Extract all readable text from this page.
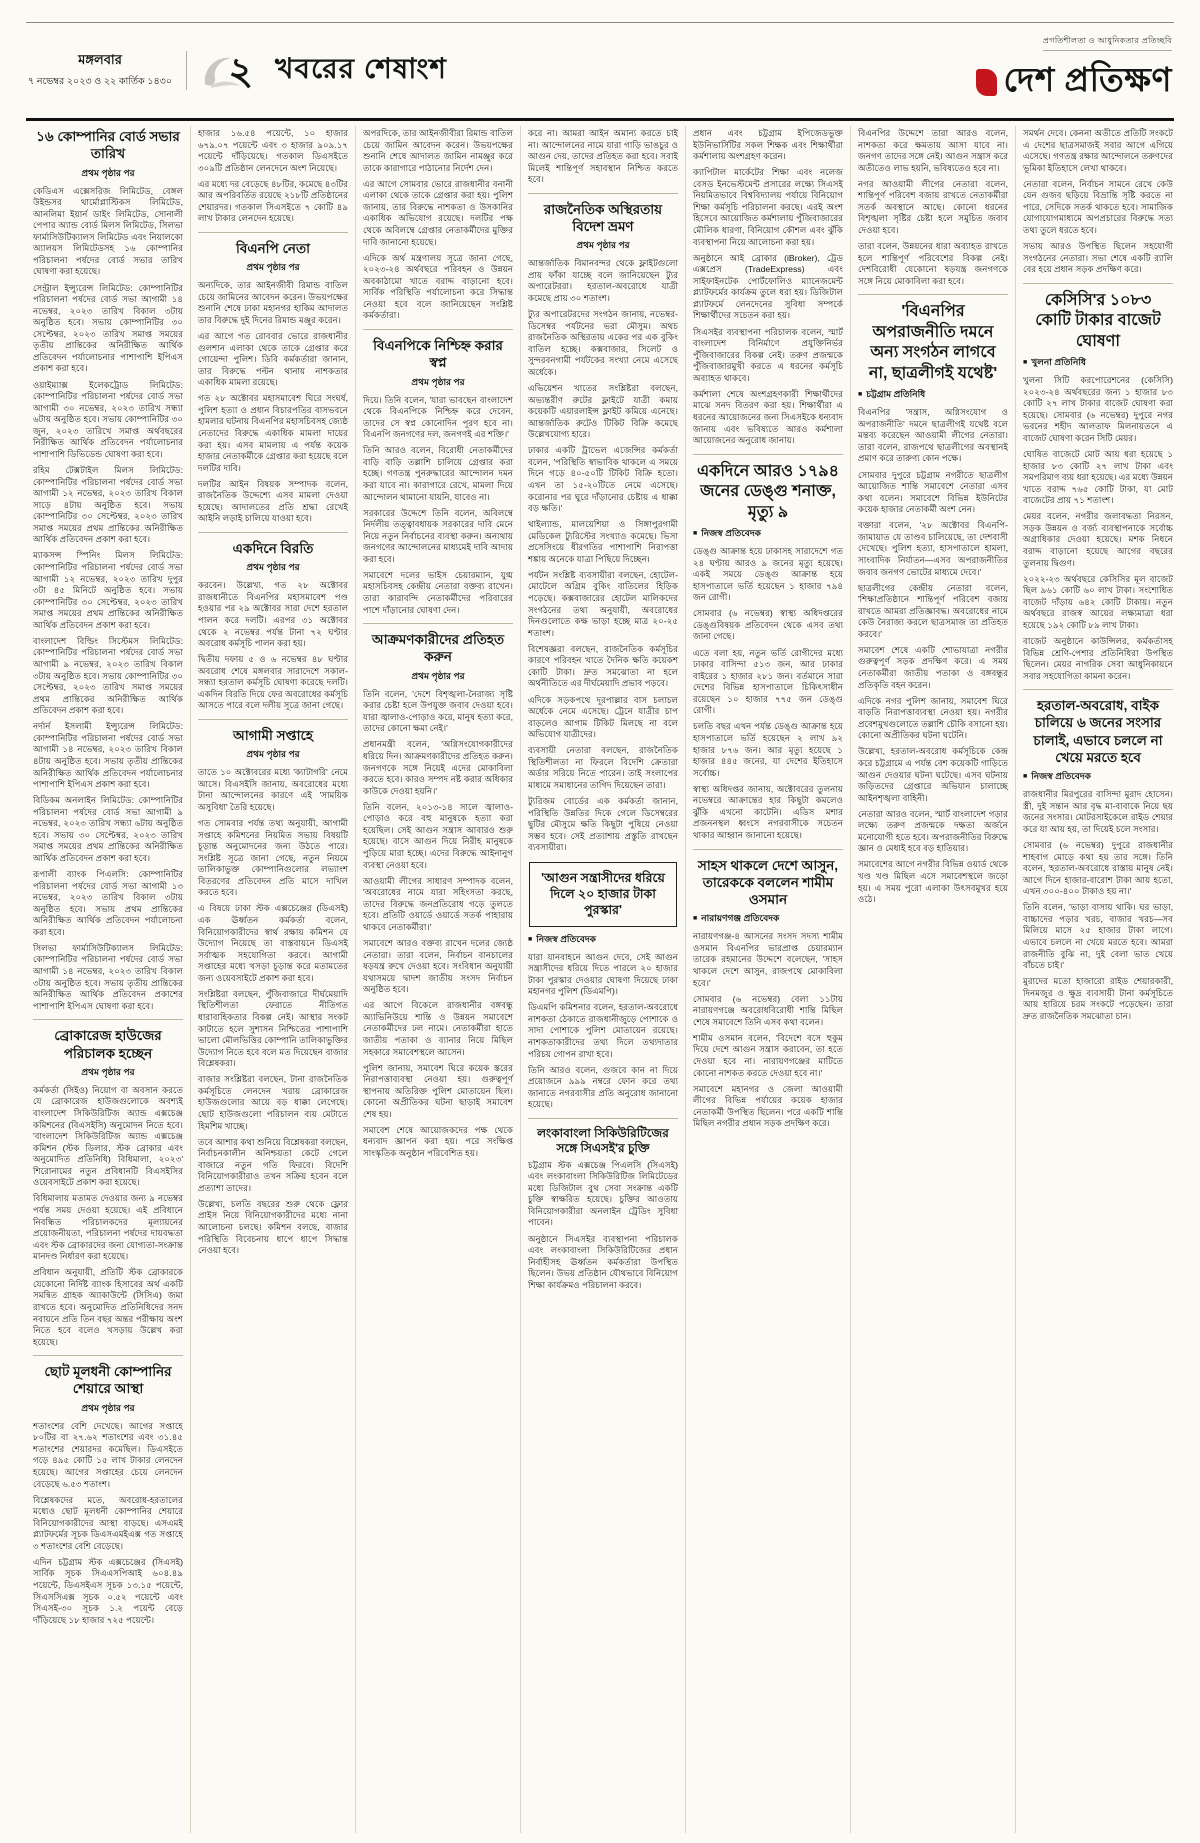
মঙ্গলবার
৭ নভেম্বর ২০২৩ ও ২২ কার্তিক ১৪৩০ ২ খবরের শেষাংশ
প্রগতিশীলতা ও আধুনিকতার প্রতিচ্ছবি
দেশ প্রতিক্ষণ
১৬ কোম্পানির বোর্ড সভার তারিখ
প্রথম পৃষ্ঠার পর

কেডিএস এক্সেসরিজ লিমিটেড, বেঙ্গল উইন্ডসর থার্মোপ্লাস্টিকস লিমিটেড, আনলিমা ইয়ার্ন ডাইং লিমিটেড, সোনালী পেপার অ্যান্ড বোর্ড মিলস লিমিটেড, সিলভা ফার্মাসিউটিক্যালস লিমিটেড এবং নিয়ালকো অ্যালয়স লিমিটেডসহ ১৬ কোম্পানির পরিচালনা পর্ষদের বোর্ড সভার তারিখ ঘোষণা করা হয়েছে।

সেন্ট্রাল ইন্স্যুরেন্স লিমিটেড: কোম্পানিটির পরিচালনা পর্ষদের বোর্ড সভা আগামী ১৪ নভেম্বর, ২০২৩ তারিখ বিকাল ৩টায় অনুষ্ঠিত হবে। সভায় কোম্পানিটির ৩০ সেপ্টেম্বর, ২০২৩ তারিখ সমাপ্ত সময়ের তৃতীয় প্রান্তিকের অনিরীক্ষিত আর্থিক প্রতিবেদন পর্যালোচনার পাশাপাশি ইপিএস প্রকাশ করা হবে।

ওয়াইম্যাক্স ইলেকট্রোড লিমিটেড: কোম্পানিটির পরিচালনা পর্ষদের বোর্ড সভা আগামী ৩০ নভেম্বর, ২০২৩ তারিখ সন্ধ্যা ৬টায় অনুষ্ঠিত হবে। সভায় কোম্পানিটির ৩০ জুন, ২০২৩ তারিখে সমাপ্ত অর্থবছরের নিরীক্ষিত আর্থিক প্রতিবেদন পর্যালোচনার পাশাপাশি ডিভিডেন্ড ঘোষণা করা হবে।

রহিম টেক্সটাইল মিলস লিমিটেড: কোম্পানিটির পরিচালনা পর্ষদের বোর্ড সভা আগামী ১২ নভেম্বর, ২০২৩ তারিখ বিকাল সাড়ে ৪টায় অনুষ্ঠিত হবে। সভায় কোম্পানিটির ৩০ সেপ্টেম্বর, ২০২৩ তারিখ সমাপ্ত সময়ের প্রথম প্রান্তিকের অনিরীক্ষিত আর্থিক প্রতিবেদন প্রকাশ করা হবে।

ম্যাকসন্স স্পিনিং মিলস লিমিটেড: কোম্পানিটির পরিচালনা পর্ষদের বোর্ড সভা আগামী ১২ নভেম্বর, ২০২৩ তারিখ দুপুর ৩টা ৪৫ মিনিটে অনুষ্ঠিত হবে। সভায় কোম্পানিটির ৩০ সেপ্টেম্বর, ২০২৩ তারিখ সমাপ্ত সময়ের প্রথম প্রান্তিকের অনিরীক্ষিত আর্থিক প্রতিবেদন প্রকাশ করা হবে।

বাংলাদেশ বিল্ডিং সিস্টেমস লিমিটেড: কোম্পানিটির পরিচালনা পর্ষদের বোর্ড সভা আগামী ৯ নভেম্বর, ২০২৩ তারিখ বিকাল ৩টায় অনুষ্ঠিত হবে। সভায় কোম্পানিটির ৩০ সেপ্টেম্বর, ২০২৩ তারিখ সমাপ্ত সময়ের প্রথম প্রান্তিকের অনিরীক্ষিত আর্থিক প্রতিবেদন প্রকাশ করা হবে।

নর্দার্ন ইসলামী ইন্স্যুরেন্স লিমিটেড: কোম্পানিটির পরিচালনা পর্ষদের বোর্ড সভা আগামী ১৪ নভেম্বর, ২০২৩ তারিখ বিকাল ৪টায় অনুষ্ঠিত হবে। সভায় তৃতীয় প্রান্তিকের অনিরীক্ষিত আর্থিক প্রতিবেদন পর্যালোচনার পাশাপাশি ইপিএস প্রকাশ করা হবে।

বিডিকম অনলাইন লিমিটেড: কোম্পানিটির পরিচালনা পর্ষদের বোর্ড সভা আগামী ৯ নভেম্বর, ২০২৩ তারিখ সন্ধ্যা ৬টায় অনুষ্ঠিত হবে। সভায় ৩০ সেপ্টেম্বর, ২০২৩ তারিখ সমাপ্ত সময়ের প্রথম প্রান্তিকের অনিরীক্ষিত আর্থিক প্রতিবেদন প্রকাশ করা হবে।

রূপালী ব্যাংক পিএলসি: কোম্পানিটির পরিচালনা পর্ষদের বোর্ড সভা আগামী ১৩ নভেম্বর, ২০২৩ তারিখ বিকাল ৩টায় অনুষ্ঠিত হবে। সভায় প্রথম প্রান্তিকের অনিরীক্ষিত আর্থিক প্রতিবেদন পর্যালোচনা করা হবে।

সিলভা ফার্মাসিউটিক্যালস লিমিটেড: কোম্পানিটির পরিচালনা পর্ষদের বোর্ড সভা আগামী ১৪ নভেম্বর, ২০২৩ তারিখ বিকাল ৩টায় অনুষ্ঠিত হবে। সভায় তৃতীয় প্রান্তিকের অনিরীক্ষিত আর্থিক প্রতিবেদন প্রকাশের পাশাপাশি ইপিএস ঘোষণা করা হবে।

ব্রোকারেজ হাউজের পরিচালক হচ্ছেন
প্রথম পৃষ্ঠার পর

কর্মকর্তা (সিইও) নিয়োগ বা অবসান করতে যে ব্রোকারেজ হাউজগুলোকে অবশ্যই বাংলাদেশ সিকিউরিটিজ অ্যান্ড এক্সচেঞ্জ কমিশনের (বিএসইসি) অনুমোদন নিতে হবে। 'বাংলাদেশ সিকিউরিটিজ অ্যান্ড এক্সচেঞ্জ কমিশন (স্টক ডিলার, স্টক ব্রোকার এবং অনুমোদিত প্রতিনিধি) বিধিমালা, ২০২৩' শিরোনামের নতুন প্রবিধানটি বিএসইসির ওয়েবসাইটে প্রকাশ করা হয়েছে।

বিধিমালায় মতামত দেওয়ার জন্য ৯ নভেম্বর পর্যন্ত সময় দেওয়া হয়েছে। এই প্রবিধানে নিবন্ধিত পরিচালকদের মূল্যায়নের প্রয়োজনীয়তা, পরিচালনা পর্ষদের দায়বদ্ধতা এবং স্টক ব্রোকারদের জন্য যোগ্যতা-সংক্রান্ত মানদণ্ড নির্ধারণ করা হয়েছে।

প্রবিধান অনুযায়ী, প্রতিটি স্টক ব্রোকারকে যেকোনো নির্দিষ্ট ব্যাংক হিসাবের অর্থ একটি সমন্বিত গ্রাহক অ্যাকাউন্টে (সিসিএ) জমা রাখতে হবে। অনুমোদিত প্রতিনিধিদের সনদ নবায়নে প্রতি তিন বছর অন্তর পরীক্ষায় অংশ নিতে হবে বলেও খসড়ায় উল্লেখ করা হয়েছে।

ছোট মূলধনী কোম্পানির শেয়ারে আস্থা
প্রথম পৃষ্ঠার পর

শতাংশের বেশি দেখেছে। আগের সপ্তাহে ৮০টির বা ২৭.৬২ শতাংশের এবং ৩১.৪৫ শতাংশের শেয়ারদর কমেছিল। ডিএসইতে গড়ে ৪৯৫ কোটি ১৫ লাখ টাকার লেনদেন হয়েছে। আগের সপ্তাহের চেয়ে লেনদেন বেড়েছে ৬.৫৩ শতাংশ।

বিশ্লেষকদের মতে, অবরোধ-হরতালের মধ্যেও ছোট মূলধনী কোম্পানির শেয়ারে বিনিয়োগকারীদের আস্থা বাড়ছে। এসএমই প্ল্যাটফর্মের সূচক ডিএসএমইএক্স গত সপ্তাহে ৩ শতাংশের বেশি বেড়েছে।

এদিন চট্টগ্রাম স্টক এক্সচেঞ্জের (সিএসই) সার্বিক সূচক সিএএসপিআই ৬০৪.৪৯ পয়েন্টে, ডিএসইএস সূচক ১৩.১৫ পয়েন্টে, সিএসসিএক্স সূচক ০.৫২ পয়েন্টে এবং সিএসই-৩০ সূচক ১.২ পয়েন্ট বেড়ে দাঁড়িয়েছে ১৮ হাজার ৭২৫ পয়েন্টে।

হাজার ১৬.৫৪ পয়েন্টে, ১০ হাজার ৬৭৯.০৭ পয়েন্টে এবং ৩ হাজার ৯০৯.১৭ পয়েন্টে দাঁড়িয়েছে। গতকাল ডিএসইতে ৩০৯টি প্রতিষ্ঠান লেনদেনে অংশ নিয়েছে।

এর মধ্যে দর বেড়েছে ৪৮টির, কমেছে ৪৩টির আর অপরিবর্তিত রয়েছে ২১৮টি প্রতিষ্ঠানের শেয়ারদর। গতকাল সিএসইতে ৭ কোটি ৪৯ লাখ টাকার লেনদেন হয়েছে।

বিএনপি নেতা
প্রথম পৃষ্ঠার পর

অন্যদিকে, তার আইনজীবী রিমান্ড বাতিল চেয়ে জামিনের আবেদন করেন। উভয়পক্ষের শুনানি শেষে ঢাকা মহানগর হাকিম আদালত তার বিরুদ্ধে দুই দিনের রিমান্ড মঞ্জুর করেন।

এর আগে গত রোববার ভোরে রাজধানীর গুলশান এলাকা থেকে তাকে গ্রেপ্তার করে গোয়েন্দা পুলিশ। ডিবি কর্মকর্তারা জানান, তার বিরুদ্ধে পল্টন থানায় নাশকতার একাধিক মামলা রয়েছে।

গত ২৮ অক্টোবর মহাসমাবেশ ঘিরে সংঘর্ষ, পুলিশ হত্যা ও প্রধান বিচারপতির বাসভবনে হামলার ঘটনায় বিএনপির মহাসচিবসহ জ্যেষ্ঠ নেতাদের বিরুদ্ধে একাধিক মামলা দায়ের করা হয়। এসব মামলায় এ পর্যন্ত কয়েক হাজার নেতাকর্মীকে গ্রেপ্তার করা হয়েছে বলে দলটির দাবি।

দলটির আইন বিষয়ক সম্পাদক বলেন, রাজনৈতিক উদ্দেশ্যে এসব মামলা দেওয়া হয়েছে। আদালতের প্রতি শ্রদ্ধা রেখেই আইনি লড়াই চালিয়ে যাওয়া হবে।

একদিনে বিরতি
প্রথম পৃষ্ঠার পর

করবেন। উল্লেখ্য, গত ২৮ অক্টোবর রাজধানীতে বিএনপির মহাসমাবেশ পণ্ড হওয়ার পর ২৯ অক্টোবর সারা দেশে হরতাল পালন করে দলটি। এরপর ৩১ অক্টোবর থেকে ২ নভেম্বর পর্যন্ত টানা ৭২ ঘণ্টার অবরোধ কর্মসূচি পালন করা হয়।

দ্বিতীয় দফায় ৫ ও ৬ নভেম্বর ৪৮ ঘণ্টার অবরোধ শেষে মঙ্গলবার সারাদেশে সকাল-সন্ধ্যা হরতাল কর্মসূচি ঘোষণা করেছে দলটি। একদিন বিরতি দিয়ে ফের অবরোধের কর্মসূচি আসতে পারে বলে দলীয় সূত্রে জানা গেছে।

আগামী সপ্তাহে
প্রথম পৃষ্ঠার পর

তাতে ১০ অক্টোবরের মধ্যে 'ক্যাটাগরি' নেমে আসে। বিএসইসি জানায়, অবরোধের মধ্যে টানা আন্দোলনের কারণে এই 'সাময়িক অসুবিধা' তৈরি হয়েছে।

গত সোমবার পর্যন্ত তথ্য অনুযায়ী, আগামী সপ্তাহে কমিশনের নিয়মিত সভায় বিষয়টি চূড়ান্ত অনুমোদনের জন্য উঠতে পারে। সংশ্লিষ্ট সূত্রে জানা গেছে, নতুন নিয়মে তালিকাভুক্ত কোম্পানিগুলোর লভ্যাংশ বিতরণের প্রতিবেদন প্রতি মাসে দাখিল করতে হবে।

এ বিষয়ে ঢাকা স্টক এক্সচেঞ্জের (ডিএসই) এক ঊর্ধ্বতন কর্মকর্তা বলেন, বিনিয়োগকারীদের স্বার্থ রক্ষায় কমিশন যে উদ্যোগ নিয়েছে তা বাস্তবায়নে ডিএসই সর্বাত্মক সহযোগিতা করবে। আগামী সপ্তাহের মধ্যে খসড়া চূড়ান্ত করে মতামতের জন্য ওয়েবসাইটে প্রকাশ করা হবে।

সংশ্লিষ্টরা বলছেন, পুঁজিবাজারে দীর্ঘমেয়াদি স্থিতিশীলতা ফেরাতে নীতিগত ধারাবাহিকতার বিকল্প নেই। আস্থার সংকট কাটাতে হলে সুশাসন নিশ্চিতের পাশাপাশি ভালো মৌলভিত্তির কোম্পানি তালিকাভুক্তির উদ্যোগ নিতে হবে বলে মত দিয়েছেন বাজার বিশ্লেষকরা।

বাজার সংশ্লিষ্টরা বলছেন, টানা রাজনৈতিক কর্মসূচিতে লেনদেন খরায় ব্রোকারেজ হাউজগুলোর আয়ে বড় ধাক্কা লেগেছে। ছোট হাউজগুলো পরিচালন ব্যয় মেটাতে হিমশিম খাচ্ছে।

তবে আশার কথা শুনিয়ে বিশ্লেষকরা বলছেন, নির্বাচনকালীন অনিশ্চয়তা কেটে গেলে বাজারে নতুন গতি ফিরবে। বিদেশি বিনিয়োগকারীরাও তখন সক্রিয় হবেন বলে প্রত্যাশা তাদের।

উল্লেখ্য, চলতি বছরের শুরু থেকে ফ্লোর প্রাইস নিয়ে বিনিয়োগকারীদের মধ্যে নানা আলোচনা চলছে। কমিশন বলছে, বাজার পরিস্থিতি বিবেচনায় ধাপে ধাপে সিদ্ধান্ত নেওয়া হবে।

অপরদিকে, তার আইনজীবীরা রিমান্ড বাতিল চেয়ে জামিন আবেদন করেন। উভয়পক্ষের শুনানি শেষে আদালত জামিন নামঞ্জুর করে তাকে কারাগারে পাঠানোর নির্দেশ দেন।

এর আগে সোমবার ভোরে রাজধানীর বনানী এলাকা থেকে তাকে গ্রেপ্তার করা হয়। পুলিশ জানায়, তার বিরুদ্ধে নাশকতা ও উসকানির একাধিক অভিযোগ রয়েছে। দলটির পক্ষ থেকে অবিলম্বে গ্রেপ্তার নেতাকর্মীদের মুক্তির দাবি জানানো হয়েছে।

এদিকে অর্থ মন্ত্রণালয় সূত্রে জানা গেছে, ২০২৩-২৪ অর্থবছরে পরিবহন ও উন্নয়ন অবকাঠামো খাতে বরাদ্দ বাড়ানো হবে। সার্বিক পরিস্থিতি পর্যালোচনা করে সিদ্ধান্ত নেওয়া হবে বলে জানিয়েছেন সংশ্লিষ্ট কর্মকর্তারা।

বিএনপিকে নিশ্চিহ্ন করার স্বপ্ন
প্রথম পৃষ্ঠার পর

দিয়ে। তিনি বলেন, 'যারা ভাবছেন বাংলাদেশ থেকে বিএনপিকে নিশ্চিহ্ন করে দেবেন, তাদের সে স্বপ্ন কোনোদিন পূরণ হবে না। বিএনপি জনগণের দল, জনগণই এর শক্তি।'

তিনি আরও বলেন, বিরোধী নেতাকর্মীদের বাড়ি বাড়ি তল্লাশি চালিয়ে গ্রেপ্তার করা হচ্ছে। গণতন্ত্র পুনরুদ্ধারের আন্দোলন দমন করা যাবে না। কারাগারে রেখে, মামলা দিয়ে আন্দোলন থামানো যায়নি, যাবেও না।

সরকারের উদ্দেশে তিনি বলেন, অবিলম্বে নির্দলীয় তত্ত্বাবধায়ক সরকারের দাবি মেনে নিয়ে নতুন নির্বাচনের ব্যবস্থা করুন। অন্যথায় জনগণের আন্দোলনের মাধ্যমেই দাবি আদায় করা হবে।

সমাবেশে দলের ভাইস চেয়ারম্যান, যুগ্ম মহাসচিবসহ কেন্দ্রীয় নেতারা বক্তব্য রাখেন। তারা কারাবন্দি নেতাকর্মীদের পরিবারের পাশে দাঁড়ানোর ঘোষণা দেন।

আক্রমণকারীদের প্রতিহত করুন
প্রথম পৃষ্ঠার পর

তিনি বলেন, 'দেশে বিশৃঙ্খলা-নৈরাজ্য সৃষ্টি করার চেষ্টা হলে উপযুক্ত জবাব দেওয়া হবে। যারা জ্বালাও-পোড়াও করে, মানুষ হত্যা করে, তাদের কোনো ক্ষমা নেই।'

প্রধানমন্ত্রী বলেন, 'অগ্নিসংযোগকারীদের ধরিয়ে দিন। আক্রমণকারীদের প্রতিহত করুন। জনগণকে সঙ্গে নিয়েই এদের মোকাবিলা করতে হবে। কারও সম্পদ নষ্ট করার অধিকার কাউকে দেওয়া হয়নি।'

তিনি বলেন, ২০১৩-১৪ সালে জ্বালাও-পোড়াও করে বহু মানুষকে হত্যা করা হয়েছিল। সেই আগুন সন্ত্রাস আবারও শুরু হয়েছে। বাসে আগুন দিয়ে নিরীহ মানুষকে পুড়িয়ে মারা হচ্ছে। এদের বিরুদ্ধে আইনানুগ ব্যবস্থা নেওয়া হবে।

আওয়ামী লীগের সাধারণ সম্পাদক বলেন, 'অবরোধের নামে যারা সহিংসতা করছে, তাদের বিরুদ্ধে জনপ্রতিরোধ গড়ে তুলতে হবে। প্রতিটি ওয়ার্ডে ওয়ার্ডে সতর্ক পাহারায় থাকবে নেতাকর্মীরা।'

সমাবেশে আরও বক্তব্য রাখেন দলের জ্যেষ্ঠ নেতারা। তারা বলেন, নির্বাচন বানচালের ষড়যন্ত্র রুখে দেওয়া হবে। সংবিধান অনুযায়ী যথাসময়ে দ্বাদশ জাতীয় সংসদ নির্বাচন অনুষ্ঠিত হবে।

এর আগে বিকেলে রাজধানীর বঙ্গবন্ধু অ্যাভিনিউয়ে শান্তি ও উন্নয়ন সমাবেশে নেতাকর্মীদের ঢল নামে। নেতাকর্মীরা হাতে জাতীয় পতাকা ও ব্যানার নিয়ে মিছিল সহকারে সমাবেশস্থলে আসেন।

পুলিশ জানায়, সমাবেশ ঘিরে কয়েক স্তরের নিরাপত্তাব্যবস্থা নেওয়া হয়। গুরুত্বপূর্ণ স্থাপনায় অতিরিক্ত পুলিশ মোতায়েন ছিল। কোনো অপ্রীতিকর ঘটনা ছাড়াই সমাবেশ শেষ হয়।

সমাবেশ শেষে আয়োজকদের পক্ষ থেকে ধন্যবাদ জ্ঞাপন করা হয়। পরে সংক্ষিপ্ত সাংস্কৃতিক অনুষ্ঠান পরিবেশিত হয়।

করে না। আমরা আইন অমান্য করতে চাই না। আন্দোলনের নামে যারা গাড়ি ভাঙচুর ও আগুন দেয়, তাদের প্রতিহত করা হবে। সবাই মিলেই শান্তিপূর্ণ সহাবস্থান নিশ্চিত করতে হবে।

রাজনৈতিক অস্থিরতায় বিদেশ ভ্রমণ
প্রথম পৃষ্ঠার পর

আন্তর্জাতিক বিমানবন্দর থেকে ফ্লাইটগুলো প্রায় ফাঁকা যাচ্ছে বলে জানিয়েছেন ট্যুর অপারেটররা। হরতাল-অবরোধে যাত্রী কমেছে প্রায় ৩০ শতাংশ।

ট্যুর অপারেটরদের সংগঠন জানায়, নভেম্বর-ডিসেম্বর পর্যটনের ভরা মৌসুম। অথচ রাজনৈতিক অস্থিরতায় একের পর এক বুকিং বাতিল হচ্ছে। কক্সবাজার, সিলেট ও সুন্দরবনগামী পর্যটকের সংখ্যা নেমে এসেছে অর্ধেকে।

এভিয়েশন খাতের সংশ্লিষ্টরা বলছেন, অভ্যন্তরীণ রুটের ফ্লাইটে যাত্রী কমায় কয়েকটি এয়ারলাইন্স ফ্লাইট কমিয়ে এনেছে। আন্তর্জাতিক রুটেও টিকিট বিক্রি কমেছে উল্লেখযোগ্য হারে।

ঢাকার একটি ট্রাভেল এজেন্সির কর্মকর্তা বলেন, 'পরিস্থিতি স্বাভাবিক থাকলে এ সময়ে দিনে গড়ে ৪০-৫০টি টিকিট বিক্রি হতো। এখন তা ১৫-২০টিতে নেমে এসেছে। করোনার পর ঘুরে দাঁড়ানোর চেষ্টায় এ ধাক্কা বড় ক্ষতি।'

থাইল্যান্ড, মালয়েশিয়া ও সিঙ্গাপুরগামী মেডিকেল ট্যুরিস্টের সংখ্যাও কমেছে। ভিসা প্রসেসিংয়ে ধীরগতির পাশাপাশি নিরাপত্তা শঙ্কায় অনেকে যাত্রা পিছিয়ে দিচ্ছেন।

পর্যটন সংশ্লিষ্ট ব্যবসায়ীরা বলছেন, হোটেল-মোটেলে অগ্রিম বুকিং বাতিলের হিড়িক পড়েছে। কক্সবাজারের হোটেল মালিকদের সংগঠনের তথ্য অনুযায়ী, অবরোধের দিনগুলোতে কক্ষ ভাড়া হচ্ছে মাত্র ২০-২৫ শতাংশ।

বিশেষজ্ঞরা বলছেন, রাজনৈতিক কর্মসূচির কারণে পরিবহন খাতে দৈনিক ক্ষতি কয়েকশ কোটি টাকা। দ্রুত সমঝোতা না হলে অর্থনীতিতে এর দীর্ঘমেয়াদি প্রভাব পড়বে।

এদিকে সড়কপথে দূরপাল্লার বাস চলাচল অর্ধেকে নেমে এসেছে। ট্রেনে যাত্রীর চাপ বাড়লেও আগাম টিকিট মিলছে না বলে অভিযোগ যাত্রীদের।

ব্যবসায়ী নেতারা বলছেন, রাজনৈতিক স্থিতিশীলতা না ফিরলে বিদেশি ক্রেতারা অর্ডার সরিয়ে নিতে পারেন। তাই সংলাপের মাধ্যমে সমাধানের তাগিদ দিয়েছেন তারা।

ট্যুরিজম বোর্ডের এক কর্মকর্তা জানান, পরিস্থিতি উন্নতির দিকে গেলে ডিসেম্বরের ছুটির মৌসুমে ক্ষতি কিছুটা পুষিয়ে নেওয়া সম্ভব হবে। সেই প্রত্যাশায় প্রস্তুতি রাখছেন ব্যবসায়ীরা।

'আগুন সন্ত্রাসীদের ধরিয়ে দিলে ২০ হাজার টাকা পুরস্কার'
■ নিজস্ব প্রতিবেদক

যারা যানবাহনে আগুন দেবে, সেই আগুন সন্ত্রাসীদের ধরিয়ে দিতে পারলে ২০ হাজার টাকা পুরস্কার দেওয়ার ঘোষণা দিয়েছে ঢাকা মহানগর পুলিশ (ডিএমপি)।

ডিএমপি কমিশনার বলেন, হরতাল-অবরোধে নাশকতা ঠেকাতে রাজধানীজুড়ে পোশাকে ও সাদা পোশাকে পুলিশ মোতায়েন রয়েছে। নাশকতাকারীদের তথ্য দিলে তথ্যদাতার পরিচয় গোপন রাখা হবে।

তিনি আরও বলেন, গুজবে কান না দিয়ে প্রয়োজনে ৯৯৯ নম্বরে ফোন করে তথ্য জানাতে নগরবাসীর প্রতি অনুরোধ জানানো হয়েছে।

লংকাবাংলা সিকিউরিটিজের সঙ্গে সিএসই'র চুক্তি

চট্টগ্রাম স্টক এক্সচেঞ্জ পিএলসি (সিএসই) এবং লংকাবাংলা সিকিউরিটিজ লিমিটেডের মধ্যে ডিজিটাল বুথ সেবা সংক্রান্ত একটি চুক্তি স্বাক্ষরিত হয়েছে। চুক্তির আওতায় বিনিয়োগকারীরা অনলাইন ট্রেডিং সুবিধা পাবেন।

অনুষ্ঠানে সিএসইর ব্যবস্থাপনা পরিচালক এবং লংকাবাংলা সিকিউরিটিজের প্রধান নির্বাহীসহ ঊর্ধ্বতন কর্মকর্তারা উপস্থিত ছিলেন। উভয় প্রতিষ্ঠান যৌথভাবে বিনিয়োগ শিক্ষা কার্যক্রমও পরিচালনা করবে।

প্রধান এবং চট্টগ্রাম ইপিজেডভুক্ত ইউনিভার্সিটির সকল শিক্ষক এবং শিক্ষার্থীরা কর্মশালায় অংশগ্রহণ করেন।

ক্যাপিটাল মার্কেটের শিক্ষা এবং নলেজ বেসড ইনভেস্টমেন্ট প্রসারের লক্ষ্যে সিএসই নিয়মিতভাবে বিশ্ববিদ্যালয় পর্যায়ে বিনিয়োগ শিক্ষা কর্মসূচি পরিচালনা করছে। এরই অংশ হিসেবে আয়োজিত কর্মশালায় পুঁজিবাজারের মৌলিক ধারণা, বিনিয়োগ কৌশল এবং ঝুঁকি ব্যবস্থাপনা নিয়ে আলোচনা করা হয়।

অনুষ্ঠানে আই ব্রোকার (iBroker), ট্রেড এক্সপ্রেস (TradeExpress) এবং সাইফাইনটেক পোর্টফোলিও ম্যানেজমেন্ট প্ল্যাটফর্মের কার্যক্রম তুলে ধরা হয়। ডিজিটাল প্ল্যাটফর্মে লেনদেনের সুবিধা সম্পর্কে শিক্ষার্থীদের সচেতন করা হয়।

সিএসইর ব্যবস্থাপনা পরিচালক বলেন, স্মার্ট বাংলাদেশ বিনির্মাণে প্রযুক্তিনির্ভর পুঁজিবাজারের বিকল্প নেই। তরুণ প্রজন্মকে পুঁজিবাজারমুখী করতে এ ধরনের কর্মসূচি অব্যাহত থাকবে।

কর্মশালা শেষে অংশগ্রহণকারী শিক্ষার্থীদের মাঝে সনদ বিতরণ করা হয়। শিক্ষার্থীরা এ ধরনের আয়োজনের জন্য সিএসইকে ধন্যবাদ জানায় এবং ভবিষ্যতে আরও কর্মশালা আয়োজনের অনুরোধ জানায়।

একদিনে আরও ১৭৯৪ জনের ডেঙ্গু শনাক্ত, মৃত্যু ৯
■ নিজস্ব প্রতিবেদক

ডেঙ্গু আক্রান্ত হয়ে ঢাকাসহ সারাদেশে গত ২৪ ঘণ্টায় আরও ৯ জনের মৃত্যু হয়েছে। একই সময়ে ডেঙ্গু আক্রান্ত হয়ে হাসপাতালে ভর্তি হয়েছেন ১ হাজার ৭৯৪ জন রোগী।

সোমবার (৬ নভেম্বর) স্বাস্থ্য অধিদপ্তরের ডেঙ্গুবিষয়ক প্রতিবেদন থেকে এসব তথ্য জানা গেছে।

এতে বলা হয়, নতুন ভর্তি রোগীদের মধ্যে ঢাকার বাসিন্দা ৫১৩ জন, আর ঢাকার বাইরের ১ হাজার ২৮১ জন। বর্তমানে সারা দেশের বিভিন্ন হাসপাতালে চিকিৎসাধীন রয়েছেন ১০ হাজার ৭৭৫ জন ডেঙ্গু রোগী।

চলতি বছর এখন পর্যন্ত ডেঙ্গু আক্রান্ত হয়ে হাসপাতালে ভর্তি হয়েছেন ২ লাখ ৯২ হাজার ৮৭৬ জন। আর মৃত্যু হয়েছে ১ হাজার ৪৪৫ জনের, যা দেশের ইতিহাসে সর্বোচ্চ।

স্বাস্থ্য অধিদপ্তর জানায়, অক্টোবরের তুলনায় নভেম্বরে আক্রান্তের হার কিছুটা কমলেও ঝুঁকি এখনো কাটেনি। এডিস মশার প্রজননস্থল ধ্বংসে নগরবাসীকে সচেতন থাকার আহ্বান জানানো হয়েছে।

সাহস থাকলে দেশে আসুন, তারেককে বললেন শামীম ওসমান
■ নারায়ণগঞ্জ প্রতিবেদক

নারায়ণগঞ্জ-৪ আসনের সংসদ সদস্য শামীম ওসমান বিএনপির ভারপ্রাপ্ত চেয়ারম্যান তারেক রহমানের উদ্দেশে বলেছেন, 'সাহস থাকলে দেশে আসুন, রাজপথে মোকাবিলা হবে।'

সোমবার (৬ নভেম্বর) বেলা ১১টায় নারায়ণগঞ্জে অবরোধবিরোধী শান্তি মিছিল শেষে সমাবেশে তিনি এসব কথা বলেন।

শামীম ওসমান বলেন, 'বিদেশে বসে হুকুম দিয়ে দেশে আগুন সন্ত্রাস করাবেন, তা হতে দেওয়া হবে না। নারায়ণগঞ্জের মাটিতে কোনো নাশকত করতে দেওয়া হবে না।'

সমাবেশে মহানগর ও জেলা আওয়ামী লীগের বিভিন্ন পর্যায়ের কয়েক হাজার নেতাকর্মী উপস্থিত ছিলেন। পরে একটি শান্তি মিছিল নগরীর প্রধান সড়ক প্রদক্ষিণ করে।

বিএনপির উদ্দেশে তারা আরও বলেন, নাশকতা করে ক্ষমতায় আসা যাবে না। জনগণ তাদের সঙ্গে নেই। আগুন সন্ত্রাস করে অতীতেও লাভ হয়নি, ভবিষ্যতেও হবে না।

নগর আওয়ামী লীগের নেতারা বলেন, শান্তিপূর্ণ পরিবেশ বজায় রাখতে নেতাকর্মীরা সতর্ক অবস্থানে আছে। কোনো ধরনের বিশৃঙ্খলা সৃষ্টির চেষ্টা হলে সমুচিত জবাব দেওয়া হবে।

তারা বলেন, উন্নয়নের ধারা অব্যাহত রাখতে হলে শান্তিপূর্ণ পরিবেশের বিকল্প নেই। দেশবিরোধী যেকোনো ষড়যন্ত্র জনগণকে সঙ্গে নিয়ে মোকাবিলা করা হবে।

'বিএনপির অপরাজনীতি দমনে অন্য সংগঠন লাগবে না, ছাত্রলীগই যথেষ্ট'
■ চট্টগ্রাম প্রতিনিধি

বিএনপির 'সন্ত্রাস, অগ্নিসংযোগ ও অপরাজনীতি' দমনে ছাত্রলীগই যথেষ্ট বলে মন্তব্য করেছেন আওয়ামী লীগের নেতারা। তারা বলেন, রাজপথে ছাত্রলীগের অবস্থানই প্রমাণ করে তারুণ্য কোন পক্ষে।

সোমবার দুপুরে চট্টগ্রাম নগরীতে ছাত্রলীগ আয়োজিত শান্তি সমাবেশে নেতারা এসব কথা বলেন। সমাবেশে বিভিন্ন ইউনিটের কয়েক হাজার নেতাকর্মী অংশ নেন।

বক্তারা বলেন, '২৮ অক্টোবর বিএনপি-জামায়াত যে তাণ্ডব চালিয়েছে, তা দেশবাসী দেখেছে। পুলিশ হত্যা, হাসপাতালে হামলা, সাংবাদিক নির্যাতন—এসব অপরাজনীতির জবাব জনগণ ভোটের মাধ্যমে দেবে।'

ছাত্রলীগের কেন্দ্রীয় নেতারা বলেন, 'শিক্ষাপ্রতিষ্ঠানে শান্তিপূর্ণ পরিবেশ বজায় রাখতে আমরা প্রতিজ্ঞাবদ্ধ। অবরোধের নামে কেউ নৈরাজ্য করলে ছাত্রসমাজ তা প্রতিহত করবে।'

সমাবেশ শেষে একটি শোভাযাত্রা নগরীর গুরুত্বপূর্ণ সড়ক প্রদক্ষিণ করে। এ সময় নেতাকর্মীরা জাতীয় পতাকা ও বঙ্গবন্ধুর প্রতিকৃতি বহন করেন।

এদিকে নগর পুলিশ জানায়, সমাবেশ ঘিরে বাড়তি নিরাপত্তাব্যবস্থা নেওয়া হয়। নগরীর প্রবেশমুখগুলোতে তল্লাশি চৌকি বসানো হয়। কোনো অপ্রীতিকর ঘটনা ঘটেনি।

উল্লেখ্য, হরতাল-অবরোধ কর্মসূচিকে কেন্দ্র করে চট্টগ্রামে এ পর্যন্ত বেশ কয়েকটি গাড়িতে আগুন দেওয়ার ঘটনা ঘটেছে। এসব ঘটনায় জড়িতদের গ্রেপ্তারে অভিযান চালাচ্ছে আইনশৃঙ্খলা বাহিনী।

নেতারা আরও বলেন, স্মার্ট বাংলাদেশ গড়ার লক্ষ্যে তরুণ প্রজন্মকে দক্ষতা অর্জনে মনোযোগী হতে হবে। অপরাজনীতির বিরুদ্ধে জ্ঞান ও মেধাই হবে বড় হাতিয়ার।

সমাবেশের আগে নগরীর বিভিন্ন ওয়ার্ড থেকে খণ্ড খণ্ড মিছিল এসে সমাবেশস্থলে জড়ো হয়। এ সময় পুরো এলাকা উৎসবমুখর হয়ে ওঠে।

সমর্থন দেবে। কেননা অতীতে প্রতিটি সংকটে এ দেশের ছাত্রসমাজই সবার আগে এগিয়ে এসেছে। গণতন্ত্র রক্ষার আন্দোলনে তরুণদের ভূমিকা ইতিহাসে লেখা থাকবে।

নেতারা বলেন, নির্বাচন সামনে রেখে কেউ যেন গুজব ছড়িয়ে বিভ্রান্তি সৃষ্টি করতে না পারে, সেদিকে সতর্ক থাকতে হবে। সামাজিক যোগাযোগমাধ্যমে অপপ্রচারের বিরুদ্ধে সত্য তথ্য তুলে ধরতে হবে।

সভায় আরও উপস্থিত ছিলেন সহযোগী সংগঠনের নেতারা। সভা শেষে একটি র‍্যালি বের হয়ে প্রধান সড়ক প্রদক্ষিণ করে।

কেসিসি'র ১০৮৩ কোটি টাকার বাজেট ঘোষণা
■ খুলনা প্রতিনিধি

খুলনা সিটি করপোরেশনের (কেসিসি) ২০২৩-২৪ অর্থবছরের জন্য ১ হাজার ৮৩ কোটি ২৭ লাখ টাকার বাজেট ঘোষণা করা হয়েছে। সোমবার (৬ নভেম্বর) দুপুরে নগর ভবনের শহীদ আলতাফ মিলনায়তনে এ বাজেট ঘোষণা করেন সিটি মেয়র।

ঘোষিত বাজেটে মোট আয় ধরা হয়েছে ১ হাজার ৮৩ কোটি ২৭ লাখ টাকা এবং সমপরিমাণ ব্যয় ধরা হয়েছে। এর মধ্যে উন্নয়ন খাতে বরাদ্দ ৭৬৫ কোটি টাকা, যা মোট বাজেটের প্রায় ৭১ শতাংশ।

মেয়র বলেন, নগরীর জলাবদ্ধতা নিরসন, সড়ক উন্নয়ন ও বর্জ্য ব্যবস্থাপনাকে সর্বোচ্চ অগ্রাধিকার দেওয়া হয়েছে। মশক নিধনে বরাদ্দ বাড়ানো হয়েছে আগের বছরের তুলনায় দ্বিগুণ।

২০২২-২৩ অর্থবছরে কেসিসির মূল বাজেট ছিল ৯৬১ কোটি ৬০ লাখ টাকা। সংশোধিত বাজেট দাঁড়ায় ৬৪২ কোটি টাকায়। নতুন অর্থবছরে রাজস্ব আয়ের লক্ষ্যমাত্রা ধরা হয়েছে ১৯২ কোটি ৮৯ লাখ টাকা।

বাজেট অনুষ্ঠানে কাউন্সিলর, কর্মকর্তাসহ বিভিন্ন শ্রেণি-পেশার প্রতিনিধিরা উপস্থিত ছিলেন। মেয়র নাগরিক সেবা আধুনিকায়নে সবার সহযোগিতা কামনা করেন।

হরতাল-অবরোধ, বাইক চালিয়ে ৬ জনের সংসার চালাই, এভাবে চললে না খেয়ে মরতে হবে
■ নিজস্ব প্রতিবেদক

রাজধানীর মিরপুরের বাসিন্দা মুরাদ হোসেন। স্ত্রী, দুই সন্তান আর বৃদ্ধ মা-বাবাকে নিয়ে ছয় জনের সংসার। মোটরসাইকেলে রাইড শেয়ার করে যা আয় হয়, তা দিয়েই চলে সংসার।

সোমবার (৬ নভেম্বর) দুপুরে রাজধানীর শাহবাগ মোড়ে কথা হয় তার সঙ্গে। তিনি বলেন, 'হরতাল-অবরোধে রাস্তায় মানুষ নেই। আগে দিনে হাজার-বারোশ টাকা আয় হতো, এখন ৩০০-৪০০ টাকাও হয় না।'

তিনি বলেন, 'ভাড়া বাসায় থাকি। ঘর ভাড়া, বাচ্চাদের পড়ার খরচ, বাজার খরচ—সব মিলিয়ে মাসে ২৫ হাজার টাকা লাগে। এভাবে চললে না খেয়ে মরতে হবে। আমরা রাজনীতি বুঝি না, দুই বেলা ভাত খেয়ে বাঁচতে চাই।'

মুরাদের মতো হাজারো রাইড শেয়ারকারী, দিনমজুর ও ক্ষুদ্র ব্যবসায়ী টানা কর্মসূচিতে আয় হারিয়ে চরম সংকটে পড়েছেন। তারা দ্রুত রাজনৈতিক সমঝোতা চান।
